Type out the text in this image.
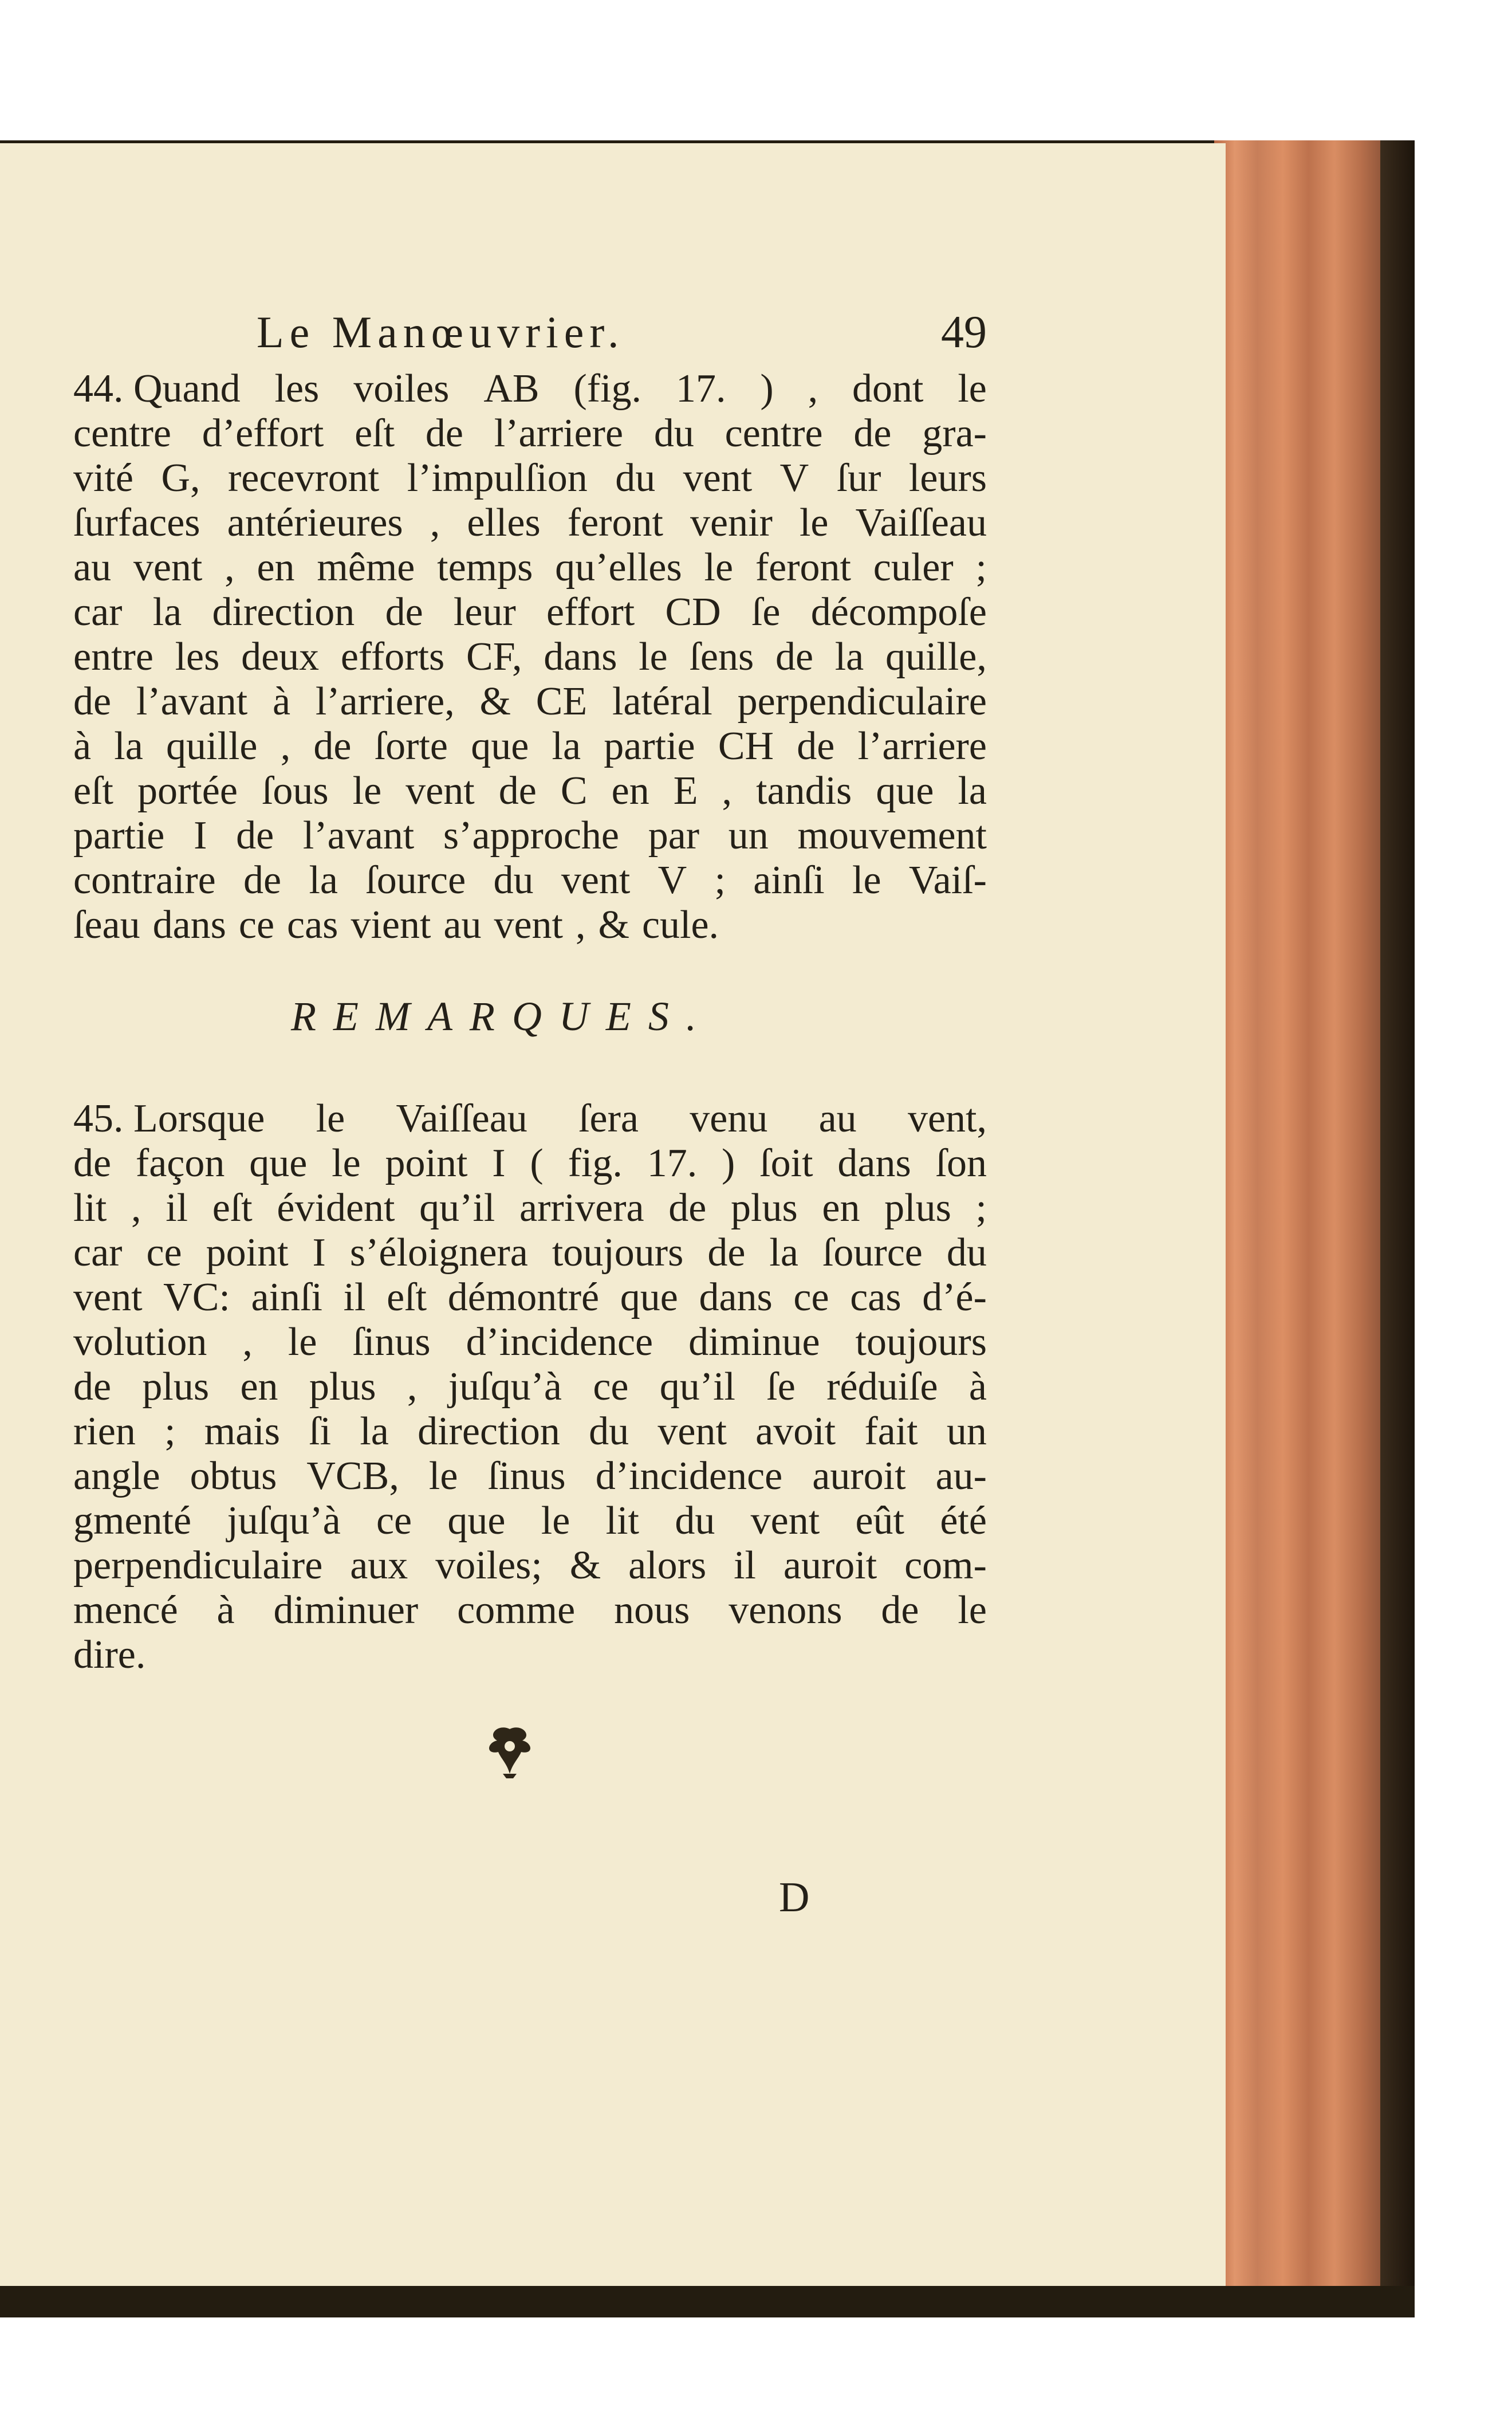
Le Manœuvrier.	49
44. Quand les voiles AB (fig. 17. ) , dont le
centre d’effort eſt de l’arriere du centre de gra-
vité G, recevront l’impulſion du vent V ſur leurs
ſurfaces antérieures , elles feront venir le Vaiſſeau
au vent , en même temps qu’elles le feront culer ;
car la direction de leur effort CD ſe décompoſe
entre les deux efforts CF, dans le ſens de la quille,
de l’avant à l’arriere, & CE latéral perpendiculaire
à la quille , de ſorte que la partie CH de l’arriere
eſt portée ſous le vent de C en E , tandis que la
partie I de l’avant s’approche par un mouvement
contraire de la ſource du vent V ; ainſi le Vaiſ-
ſeau dans ce cas vient au vent , & cule.
REMARQUES.
45. Lorsque le Vaiſſeau ſera venu au vent,
de façon que le point I ( fig. 17. ) ſoit dans ſon
lit , il eſt évident qu’il arrivera de plus en plus ;
car ce point I s’éloignera toujours de la ſource du
vent VC: ainſi il eſt démontré que dans ce cas d’é-
volution , le ſinus d’incidence diminue toujours
de plus en plus , juſqu’à ce qu’il ſe réduiſe à
rien ; mais ſi la direction du vent avoit fait un
angle obtus VCB, le ſinus d’incidence auroit au-
gmenté juſqu’à ce que le lit du vent eût été
perpendiculaire aux voiles; & alors il auroit com-
mencé à diminuer comme nous venons de le
dire.
D
